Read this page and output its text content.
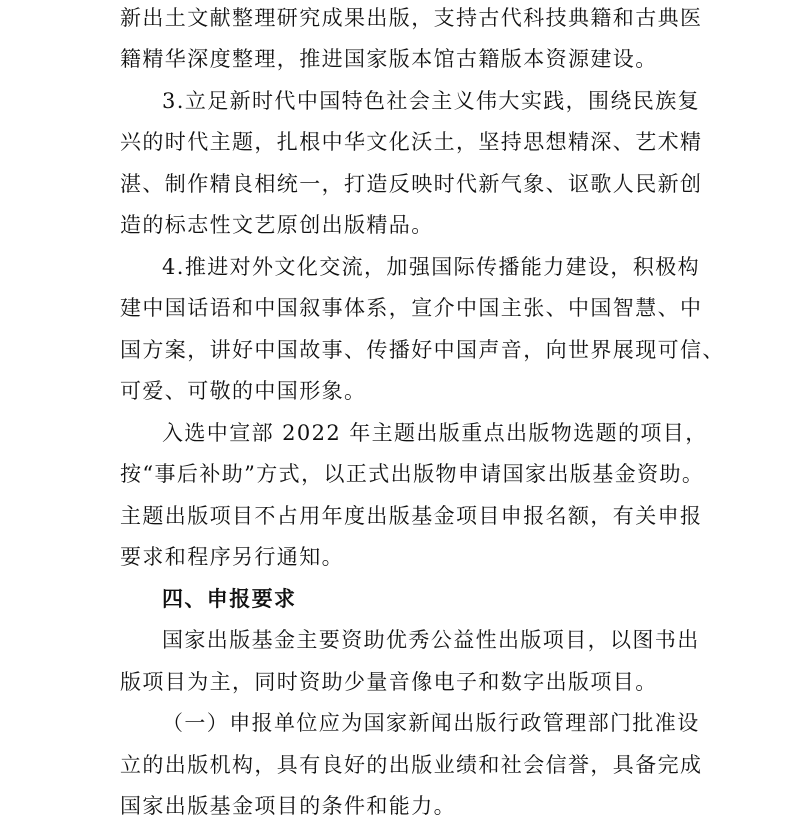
新出土文献整理研究成果出版，支持古代科技典籍和古典医
籍精华深度整理，推进国家版本馆古籍版本资源建设。
3.立足新时代中国特色社会主义伟大实践，围绕民族复
兴的时代主题，扎根中华文化沃土，坚持思想精深、艺术精
湛、制作精良相统一，打造反映时代新气象、讴歌人民新创
造的标志性文艺原创出版精品。
4.推进对外文化交流，加强国际传播能力建设，积极构
建中国话语和中国叙事体系，宣介中国主张、中国智慧、中
国方案，讲好中国故事、传播好中国声音，向世界展现可信、
可爱、可敬的中国形象。
入选中宣部 2022 年主题出版重点出版物选题的项目，
按“事后补助”方式，以正式出版物申请国家出版基金资助。
主题出版项目不占用年度出版基金项目申报名额，有关申报
要求和程序另行通知。
四、申报要求
国家出版基金主要资助优秀公益性出版项目，以图书出
版项目为主，同时资助少量音像电子和数字出版项目。
（一）申报单位应为国家新闻出版行政管理部门批准设
立的出版机构，具有良好的出版业绩和社会信誉，具备完成
国家出版基金项目的条件和能力。
